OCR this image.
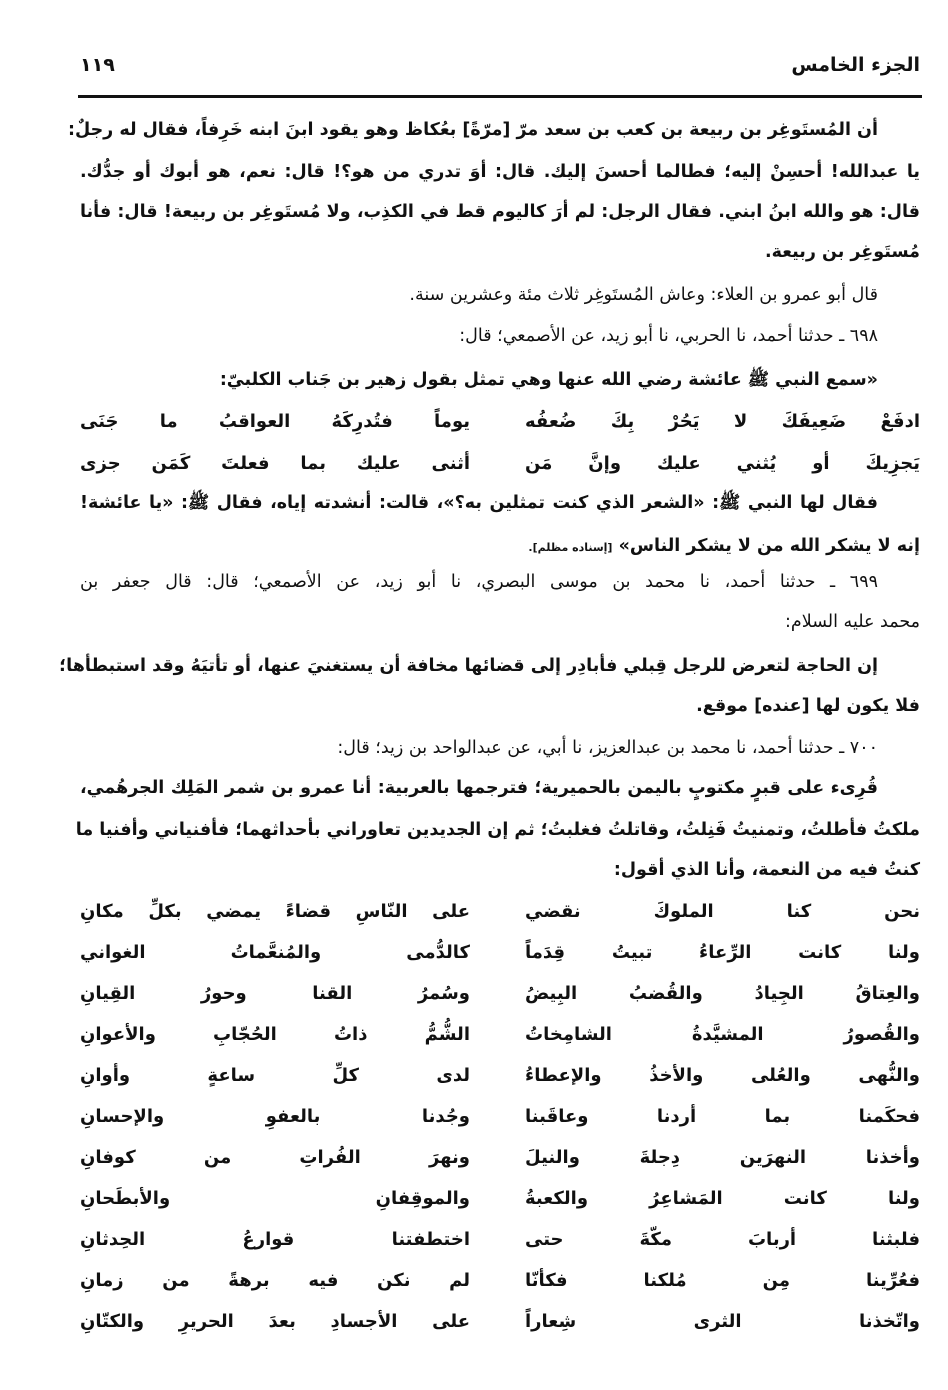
الجزء الخامس
١١٩
أن المُستَوغِر بن ربيعة بن كعب بن سعد مرّ [مرّةً] بعُكاظ وهو يقود ابنَ ابنه خَرِفاً، فقال له رجلٌ:
يا عبدالله! أحسِنْ إليه؛ فطالما أحسنَ إليك. قال: أوَ تدري من هو؟! قال: نعم، هو أبوك أو جدُّك.
قال: هو والله ابنُ ابني. فقال الرجل: لم أرَ كاليوم قط في الكذِب، ولا مُستَوغِر بن ربيعة! قال: فأنا
مُستَوغِر بن ربيعة.
قال أبو عمرو بن العلاء: وعاش المُستَوغِر ثلاث مئة وعشرين سنة.
٦٩٨ ـ حدثنا أحمد، نا الحربي، نا أبو زيد، عن الأصمعي؛ قال:
«سمع النبي ﷺ عائشة رضي الله عنها وهي تمثل بقول زهير بن جَناب الكلبيّ:
ادفَعْ ضَعِيفَكَ لا يَحُرْ بِكَ ضُعفُه
يوماً فتُدرِكَهُ العواقبُ ما جَنَى
يَجزِيكَ أو يُثني عليك وإنَّ مَن
أثنى عليك بما فعلتَ كَمَن جزى
فقال لها النبي ﷺ: «الشعر الذي كنت تمثلين به؟»، قالت: أنشدته إياه، فقال ﷺ: «يا عائشة!
إنه لا يشكر الله من لا يشكر الناس» [إسناده مظلم].
٦٩٩ ـ حدثنا أحمد، نا محمد بن موسى البصري، نا أبو زيد، عن الأصمعي؛ قال: قال جعفر بن
محمد عليه السلام:
إن الحاجة لتعرض للرجل قِبلي فأبادِر إلى قضائها مخافة أن يستغنيَ عنها، أو تأتيَهُ وقد استبطأها؛
فلا يكون لها [عنده] موقع.
٧٠٠ ـ حدثنا أحمد، نا محمد بن عبدالعزيز، نا أبي، عن عبدالواحد بن زيد؛ قال:
قُرِىء على قبرٍ مكتوبٍ باليمن بالحميرية؛ فترجمها بالعربية: أنا عمرو بن شمر المَلِك الجرهُمي،
ملكتُ فأطلتُ، وتمنيتُ فَنِلتُ، وقاتلتُ فغلبتُ؛ ثم إن الجديدين تعاوراني بأحداثهما؛ فأفنياني وأفنيا ما
كنتُ فيه من النعمة، وأنا الذي أقول:
نحن كنا الملوكَ نقضي
على النّاسِ قضاءً يمضي بكلِّ مكانِ
ولنا كانت الرِّعاءُ تبيتُ قِدَماً
كالدُّمى والمُنعَّماتُ الغواني
والعِتاقُ الجِيادُ والقُضبُ البِيضُ
وسُمرُ القنا وحورُ القِيانِ
والقُصورُ المشيَّدةُ الشامِخاتُ
الشُّمُّ ذاتُ الحُجّابِ والأعوانِ
والنُّهى والعُلى والأخذُ والإعطاءُ
لدى كلِّ ساعةٍ وأوانِ
فحكَمنا بما أردنا وعاقَبنا
وجُدنا بالعفوِ والإحسانِ
وأخذنا النهرَين دِجلةَ والنيلَ
ونهرَ الفُراتِ من كوفانِ
ولنا كانت المَشاعِرُ والكعبةُ
والموقِفانِ والأبطَحانِ
فلبثنا أربابَ مكّةَ حتى
اختطفتنا قوارعُ الحِدثانِ
فعُرِّينا مِن مُلكنا فكأنّا
لم نكن فيه برهةً من زمانِ
واتّخذنا الثرى شِعاراً
على الأجسادِ بعدَ الحريرِ والكتّانِ
